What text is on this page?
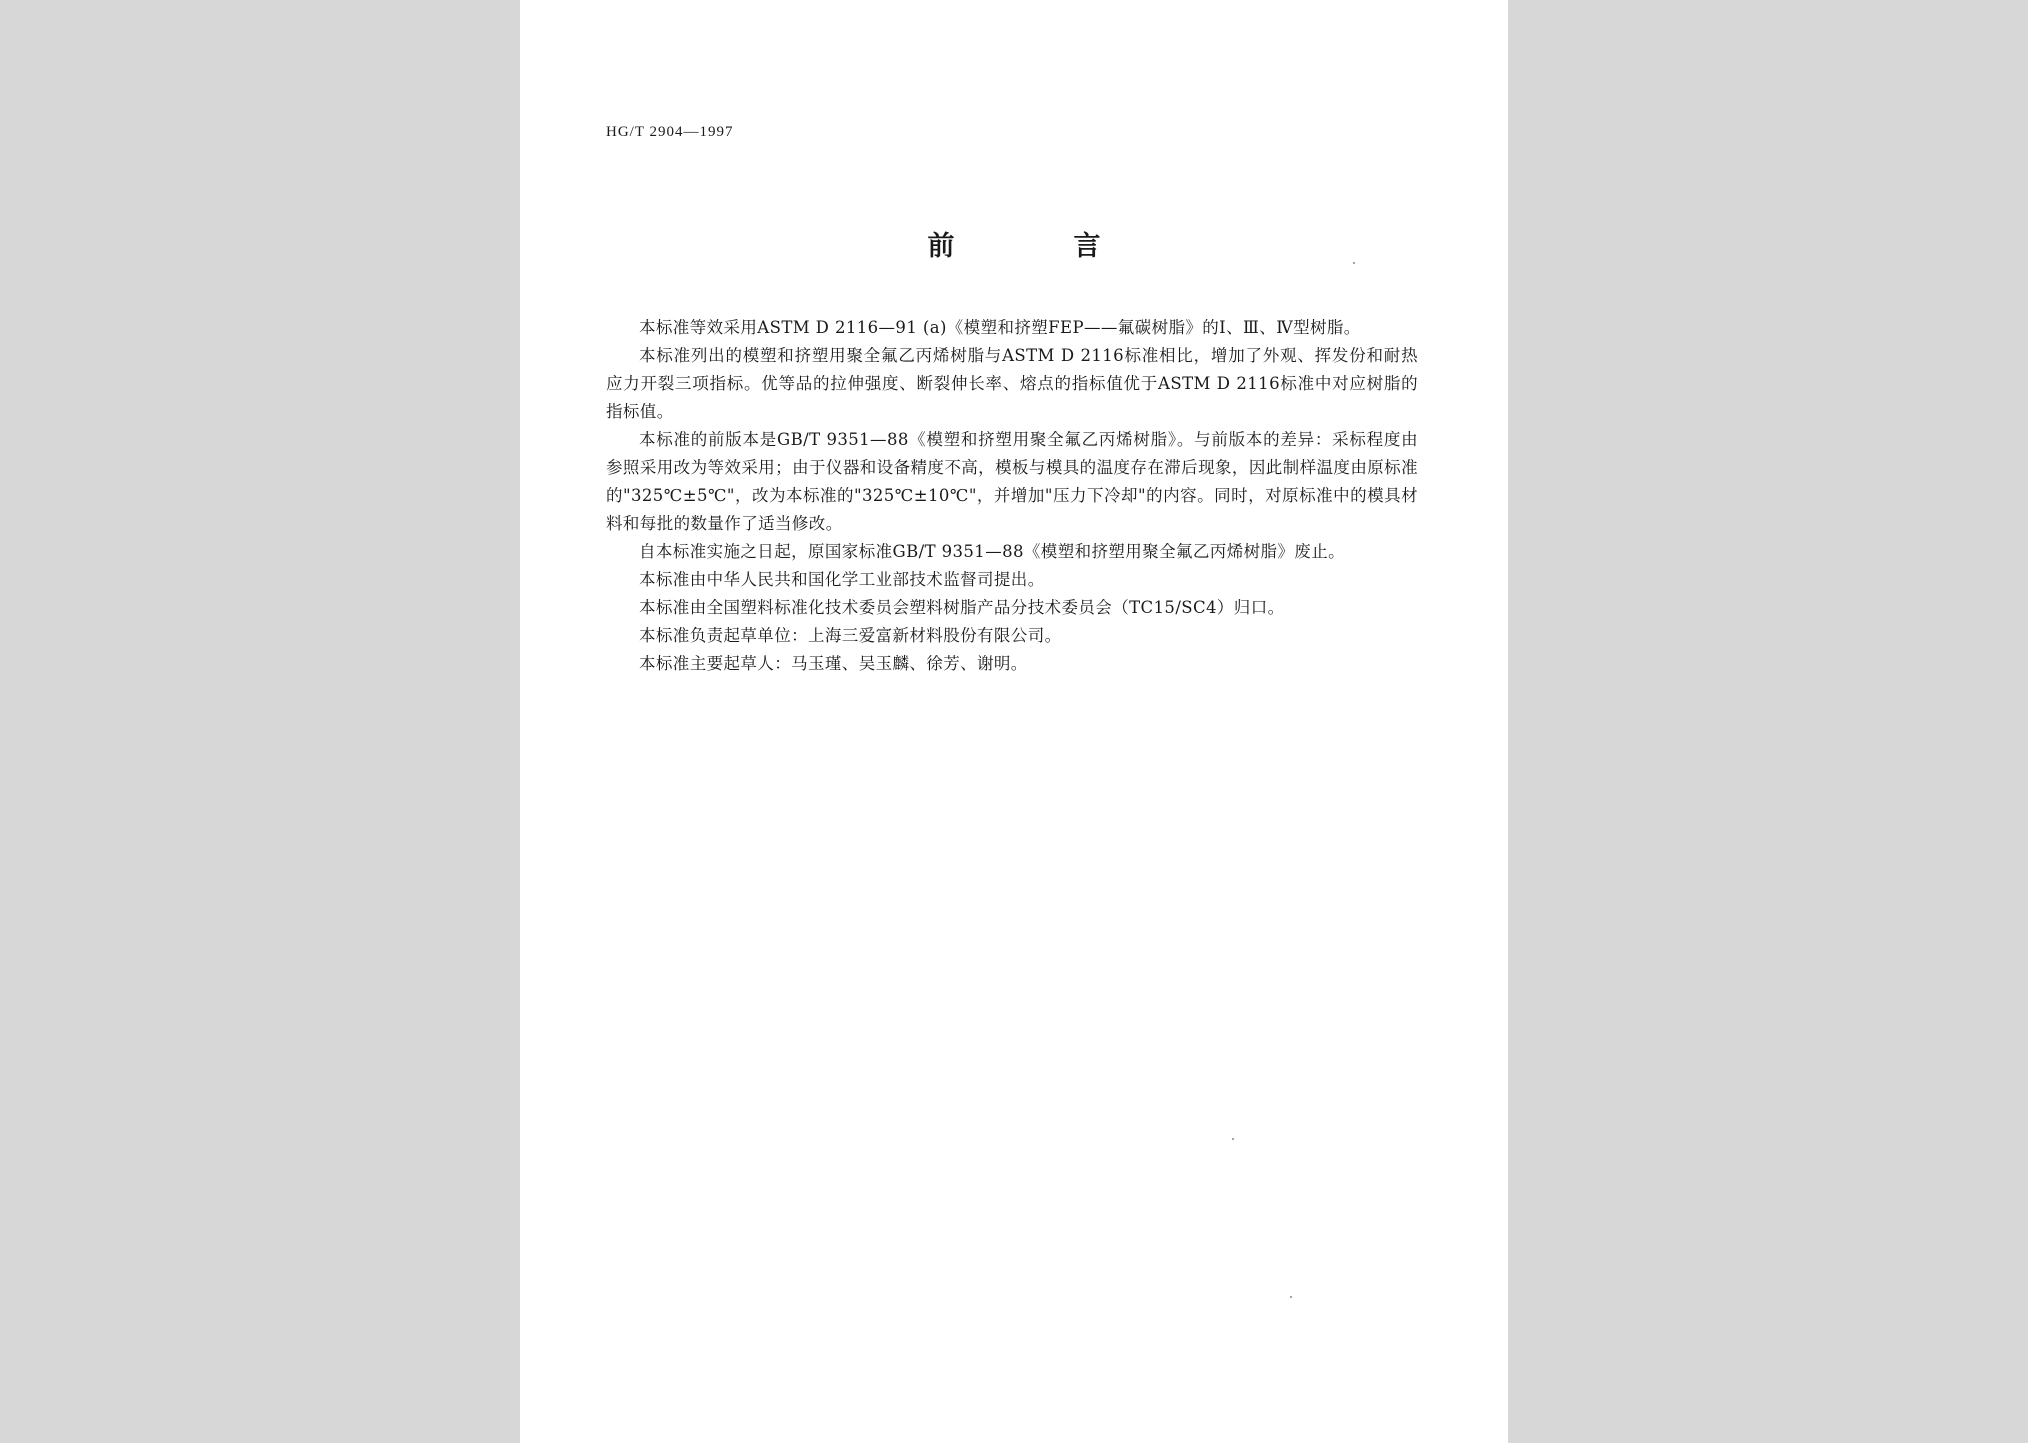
HG/T 2904—1997
前　言

本标准等效采用ASTM D 2116—91 (a)《模塑和挤塑FEP——氟碳树脂》的Ⅰ、Ⅲ、Ⅳ型树脂。

本标准列出的模塑和挤塑用聚全氟乙丙烯树脂与ASTM D 2116标准相比，增加了外观、挥发份和耐热应力开裂三项指标。优等品的拉伸强度、断裂伸长率、熔点的指标值优于ASTM D 2116标准中对应树脂的指标值。

本标准的前版本是GB/T 9351—88《模塑和挤塑用聚全氟乙丙烯树脂》。与前版本的差异：采标程度由参照采用改为等效采用；由于仪器和设备精度不高，模板与模具的温度存在滞后现象，因此制样温度由原标准的"325℃±5℃"，改为本标准的"325℃±10℃"，并增加"压力下冷却"的内容。同时，对原标准中的模具材料和每批的数量作了适当修改。

自本标准实施之日起，原国家标准GB/T 9351—88《模塑和挤塑用聚全氟乙丙烯树脂》废止。

本标准由中华人民共和国化学工业部技术监督司提出。

本标准由全国塑料标准化技术委员会塑料树脂产品分技术委员会（TC15/SC4）归口。

本标准负责起草单位：上海三爱富新材料股份有限公司。

本标准主要起草人：马玉瑾、吴玉麟、徐芳、谢明。
